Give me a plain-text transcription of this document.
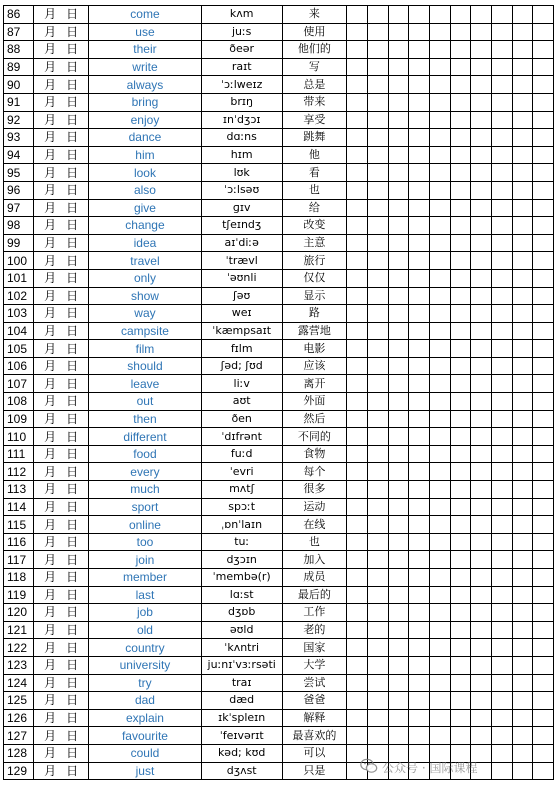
86	月 日	come	kʌm	来										
87	月 日	use	juːs	使用										
88	月 日	their	ðeər	他们的										
89	月 日	write	raɪt	写										
90	月 日	always	ˈɔːlweɪz	总是										
91	月 日	bring	brɪŋ	带来										
92	月 日	enjoy	ɪnˈdʒɔɪ	享受										
93	月 日	dance	dɑːns	跳舞										
94	月 日	him	hɪm	他										
95	月 日	look	lʊk	看										
96	月 日	also	ˈɔːlsəʊ	也										
97	月 日	give	ɡɪv	给										
98	月 日	change	tʃeɪndʒ	改变										
99	月 日	idea	aɪˈdiːə	主意										
100	月 日	travel	ˈtrævl	旅行										
101	月 日	only	ˈəʊnli	仅仅										
102	月 日	show	ʃəʊ	显示										
103	月 日	way	weɪ	路										
104	月 日	campsite	ˈkæmpsaɪt	露营地										
105	月 日	film	fɪlm	电影										
106	月 日	should	ʃəd; ʃʊd	应该										
107	月 日	leave	liːv	离开										
108	月 日	out	aʊt	外面										
109	月 日	then	ðen	然后										
110	月 日	different	ˈdɪfrənt	不同的										
111	月 日	food	fuːd	食物										
112	月 日	every	ˈevri	每个										
113	月 日	much	mʌtʃ	很多										
114	月 日	sport	spɔːt	运动										
115	月 日	online	ˌɒnˈlaɪn	在线										
116	月 日	too	tuː	也										
117	月 日	join	dʒɔɪn	加入										
118	月 日	member	ˈmembə(r)	成员										
119	月 日	last	lɑːst	最后的										
120	月 日	job	dʒɒb	工作										
121	月 日	old	əʊld	老的										
122	月 日	country	ˈkʌntri	国家										
123	月 日	university	juːnɪˈvɜːrsəti	大学										
124	月 日	try	traɪ	尝试										
125	月 日	dad	dæd	爸爸										
126	月 日	explain	ɪkˈspleɪn	解释										
127	月 日	favourite	ˈfeɪvərɪt	最喜欢的										
128	月 日	could	kəd; kʊd	可以										
129	月 日	just	dʒʌst	只是											公众号 · 国际课程
